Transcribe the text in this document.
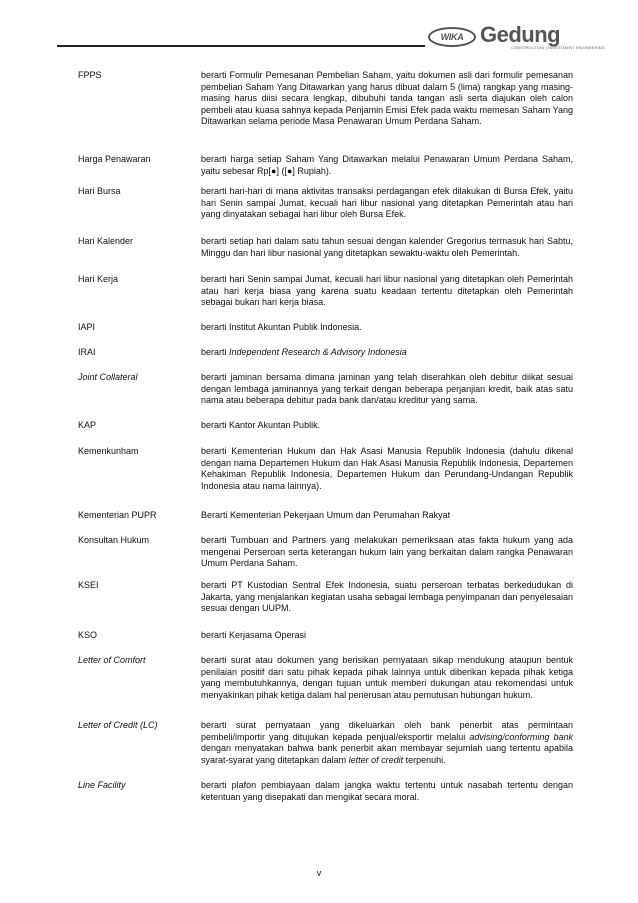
WIKA Gedung
CONSTRUCTION | INVESTMENT ENGINEERING
FPPS	berarti Formulir Pemesanan Pembelian Saham, yaitu dokumen asli dari formulir pemesanan pembelian Saham Yang Ditawarkan yang harus dibuat dalam 5 (lima) rangkap yang masing-masing harus diisi secara lengkap, dibubuhi tanda tangan asli serta diajukan oleh calon pembeli atau kuasa sahnya kepada Penjamin Emisi Efek pada waktu memesan Saham Yang Ditawarkan selama periode Masa Penawaran Umum Perdana Saham.
Harga Penawaran	berarti harga setiap Saham Yang Ditawarkan melalui Penawaran Umum Perdana Saham, yaitu sebesar Rp[●] ([●] Rupiah).
Hari Bursa	berarti hari-hari di mana aktivitas transaksi perdagangan efek dilakukan di Bursa Efek, yaitu hari Senin sampai Jumat, kecuali hari libur nasional yang ditetapkan Pemerintah atau hari yang dinyatakan sebagai hari libur oleh Bursa Efek.
Hari Kalender	berarti setiap hari dalam satu tahun sesuai dengan kalender Gregorius termasuk hari Sabtu, Minggu dan hari libur nasional yang ditetapkan sewaktu-waktu oleh Pemerintah.
Hari Kerja	berarti hari Senin sampai Jumat, kecuali hari libur nasional yang ditetapkan oleh Pemerintah atau hari kerja biasa yang karena suatu keadaan tertentu ditetapkan oleh Pemerintah sebagai bukan hari kerja biasa.
IAPI	berarti Institut Akuntan Publik Indonesia.
IRAI	berarti Independent Research & Advisory Indonesia
Joint Collateral	berarti jaminan bersama dimana jaminan yang telah diserahkan oleh debitur diikat sesuai dengan lembaga jaminannya yang terkait dengan beberapa perjanjian kredit, baik atas satu nama atau beberapa debitur pada bank dan/atau kreditur yang sama.
KAP	berarti Kantor Akuntan Publik.
Kemenkunham	berarti Kementerian Hukum dan Hak Asasi Manusia Republik Indonesia (dahulu dikenal dengan nama Departemen Hukum dan Hak Asasi Manusia Republik Indonesia, Departemen Kehakiman Republik Indonesia, Departemen Hukum dan Perundang-Undangan Republik Indonesia atau nama lainnya).
Kementerian PUPR	Berarti Kementerian Pekerjaan Umum dan Perumahan Rakyat
Konsultan Hukum	berarti Tumbuan and Partners yang melakukan pemeriksaan atas fakta hukum yang ada mengenai Perseroan serta keterangan hukum lain yang berkaitan dalam rangka Penawaran Umum Perdana Saham.
KSEI	berarti PT Kustodian Sentral Efek Indonesia, suatu perseroan terbatas berkedudukan di Jakarta, yang menjalankan kegiatan usaha sebagai lembaga penyimpanan dan penyelesaian sesuai dengan UUPM.
KSO	berarti Kerjasama Operasi
Letter of Comfort	berarti surat atau dokumen yang berisikan pernyataan sikap mendukung ataupun bentuk penilaian positif dari satu pihak kepada pihak lainnya untuk diberikan kepada pihak ketiga yang membutuhkannya, dengan tujuan untuk memberi dukungan atau rekomendasi untuk menyakinkan pihak ketiga dalam hal penerusan atau pemutusan hubungan hukum.
Letter of Credit (LC)	berarti surat pernyataan yang dikeluarkan oleh bank penerbit atas permintaan pembeli/importir yang ditujukan kepada penjual/eksportir melalui advising/conforming bank dengan menyatakan bahwa bank penerbit akan membayar sejumlah uang tertentu apabila syarat-syarat yang ditetapkan dalam letter of credit terpenuhi.
Line Facility	berarti plafon pembiayaan dalam jangka waktu tertentu untuk nasabah tertentu dengan ketentuan yang disepakati dan mengikat secara moral.
v
